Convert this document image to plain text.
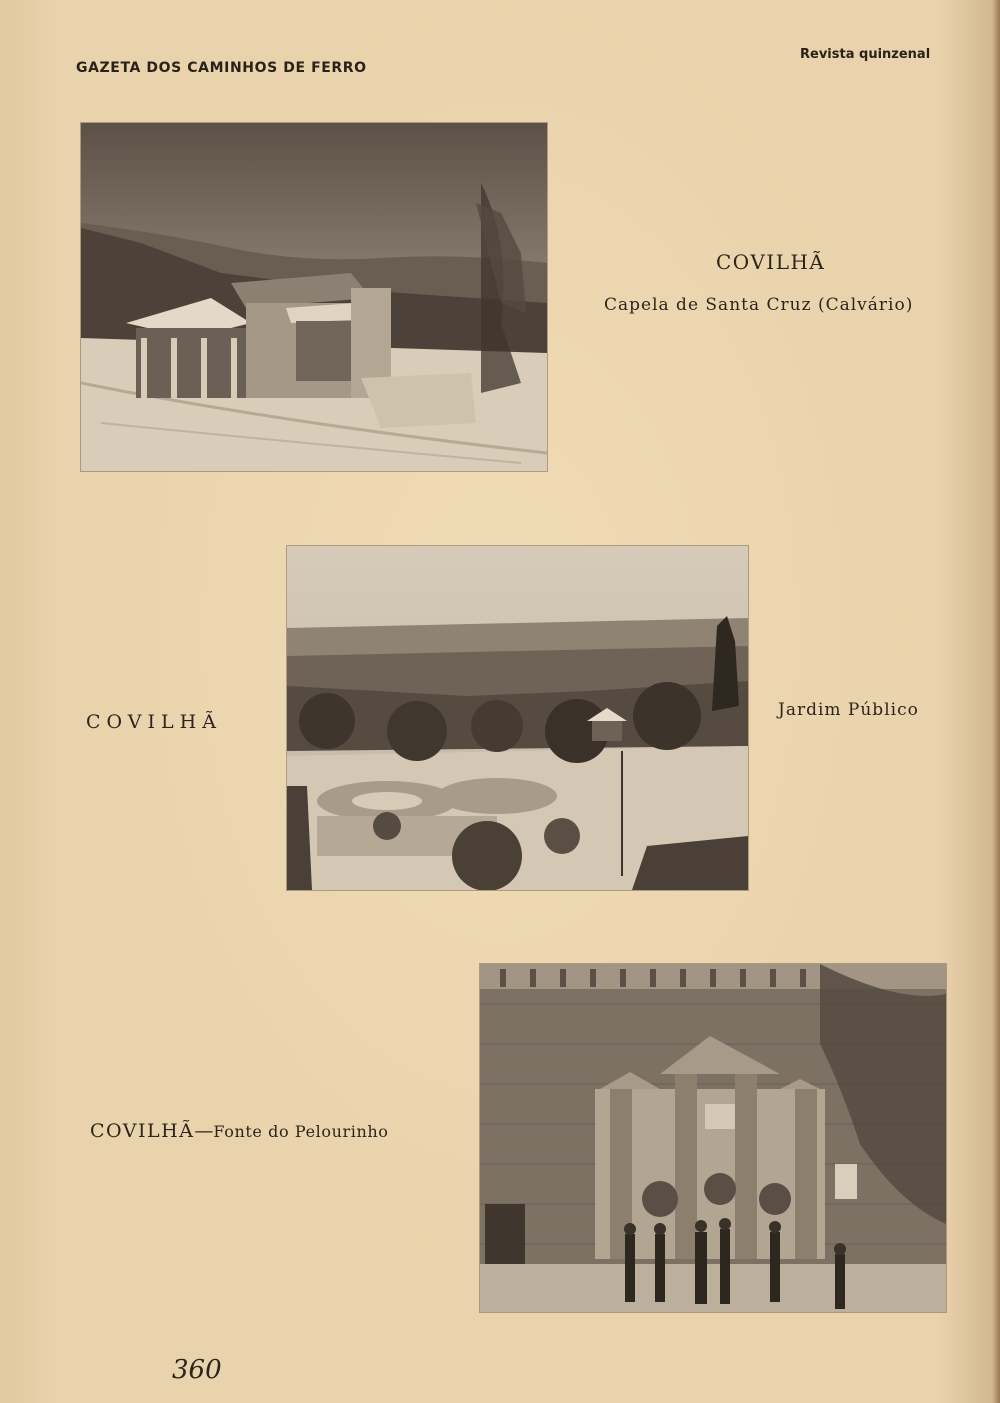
GAZETA DOS CAMINHOS DE FERRO
Revista quinzenal
COVILHÃ
Capela de Santa Cruz (Calvário)
COVILHÃ
Jardim Público
COVILHÃ—Fonte do Pelourinho
360
